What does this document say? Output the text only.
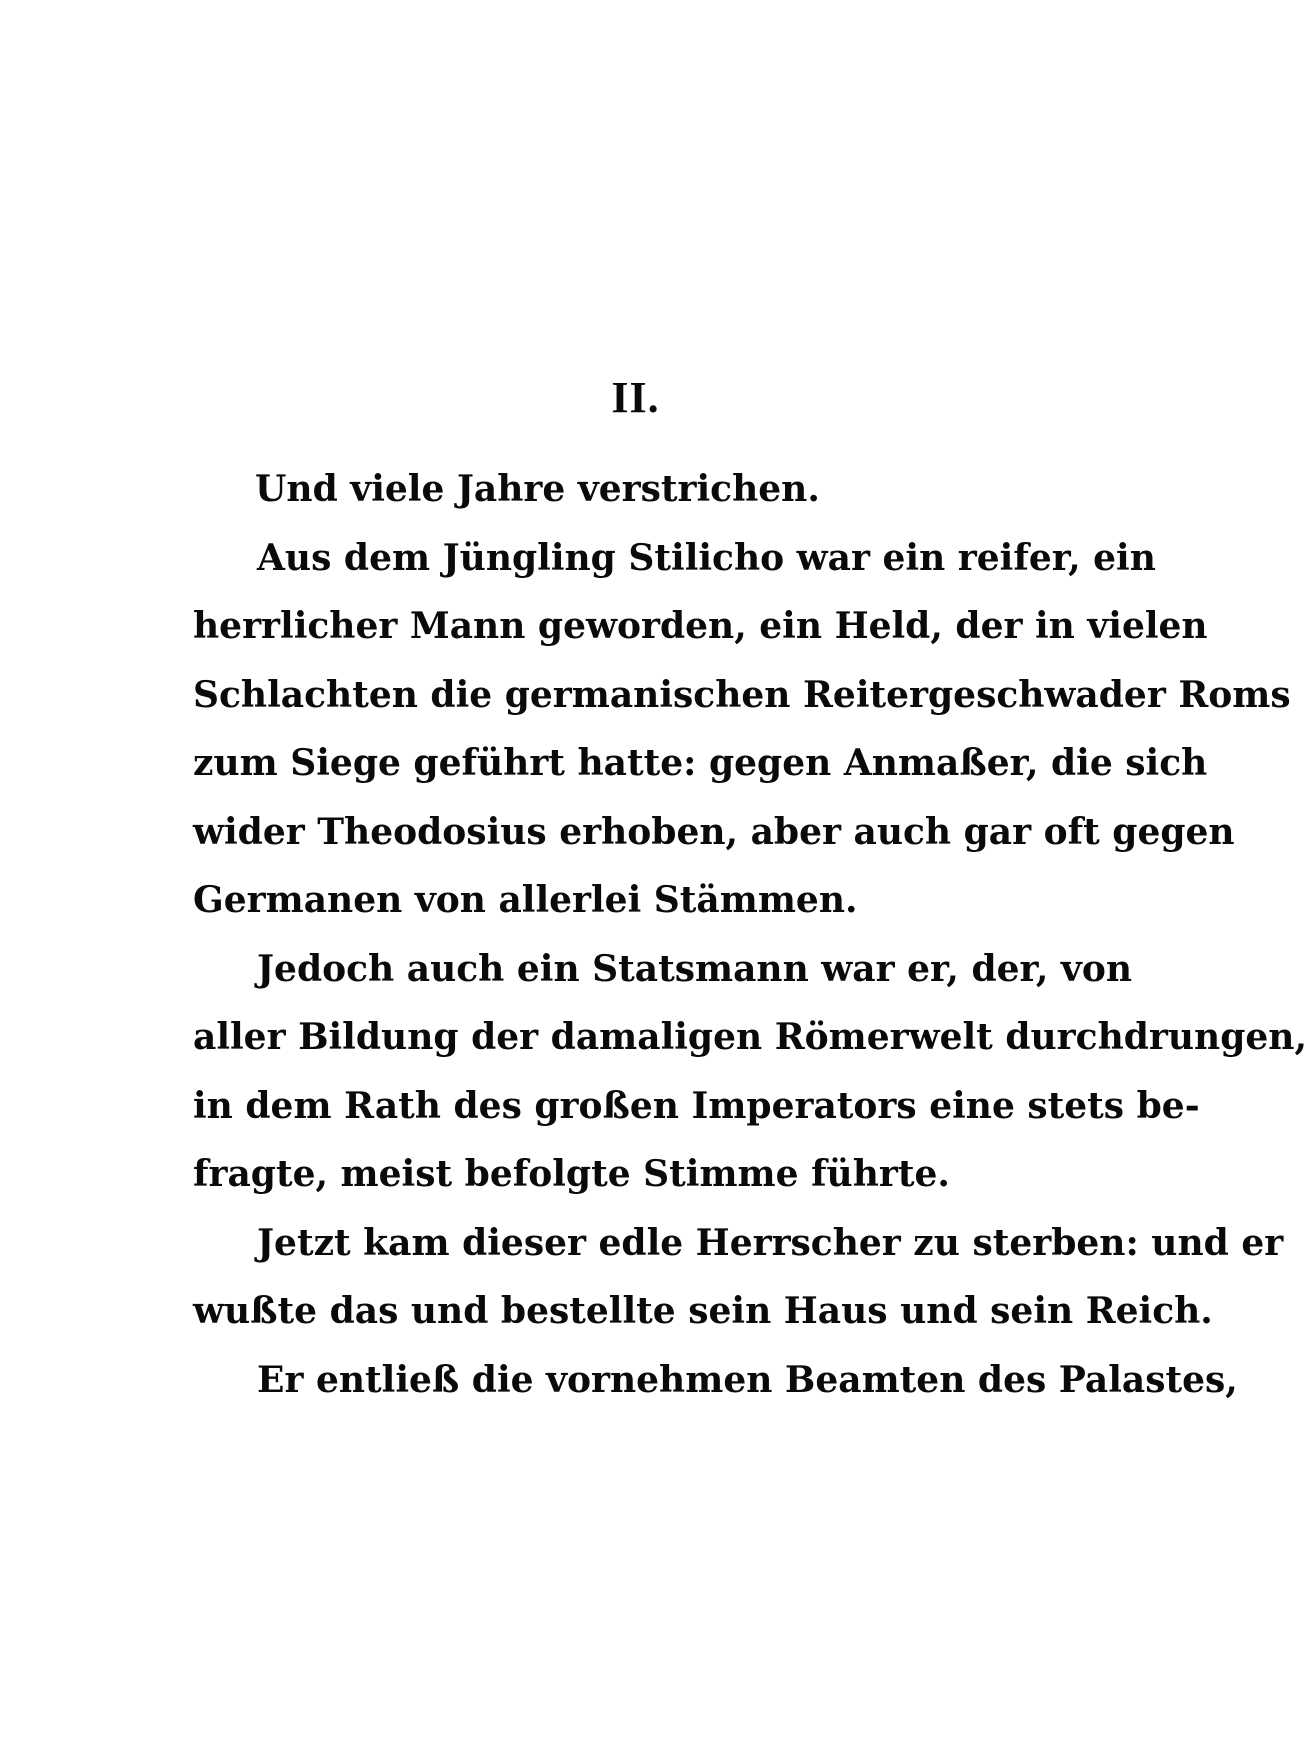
II.
Und viele Jahre verstrichen.
Aus dem Jüngling Stilicho war ein reifer, ein
herrlicher Mann geworden, ein Held, der in vielen
Schlachten die germanischen Reitergeschwader Roms
zum Siege geführt hatte: gegen Anmaßer, die sich
wider Theodosius erhoben, aber auch gar oft gegen
Germanen von allerlei Stämmen.
Jedoch auch ein Statsmann war er, der, von
aller Bildung der damaligen Römerwelt durchdrungen,
in dem Rath des großen Imperators eine stets be-
fragte, meist befolgte Stimme führte.
Jetzt kam dieser edle Herrscher zu sterben: und er
wußte das und bestellte sein Haus und sein Reich.
Er entließ die vornehmen Beamten des Palastes,
